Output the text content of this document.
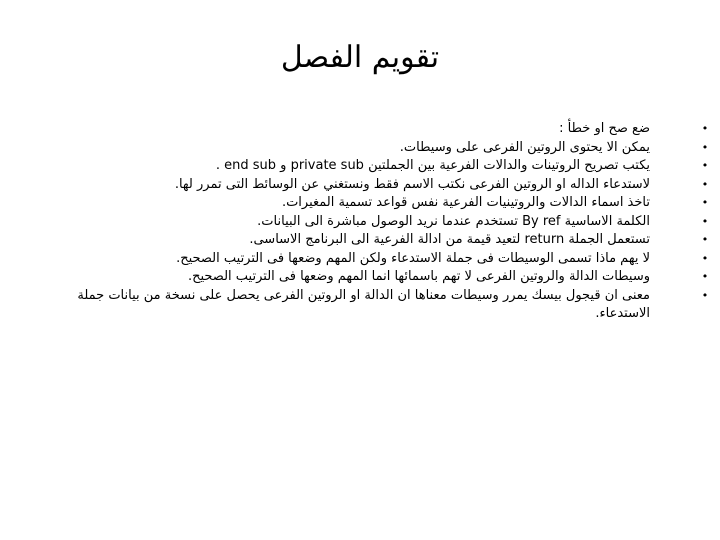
تقويم الفصل
•
ضع صح او خطأ :
•
يمكن الا يحتوى الروتين الفرعى على وسيطات.
•
يكتب تصريح الروتينات والدالات الفرعية بين الجملتين private sub و end sub .
•
لاستدعاء الداله او الروتين الفرعى نكتب الاسم فقط ونستغني عن الوسائط التى تمرر لها.
•
تاخذ اسماء الدالات والروتينيات الفرعية نفس قواعد تسمية المغيرات.
•
الكلمة الاساسية By ref تستخدم عندما نريد الوصول مباشرة الى البيانات.
•
تستعمل الجملة return لتعيد قيمة من ادالة الفرعية الى البرنامج الاساسى.
•
لا يهم ماذا تسمى الوسيطات فى جملة الاستدعاء ولكن المهم وضعها فى الترتيب الصحيح.
•
وسيطات الدالة والروتين الفرعى لا تهم باسمائها انما المهم وضعها فى الترتيب الصحيح.
•
معنى ان قيجول بيسك يمرر وسيطات معناها ان الدالة او الروتين الفرعى يحصل على نسخة من بيانات جملة الاستدعاء.
